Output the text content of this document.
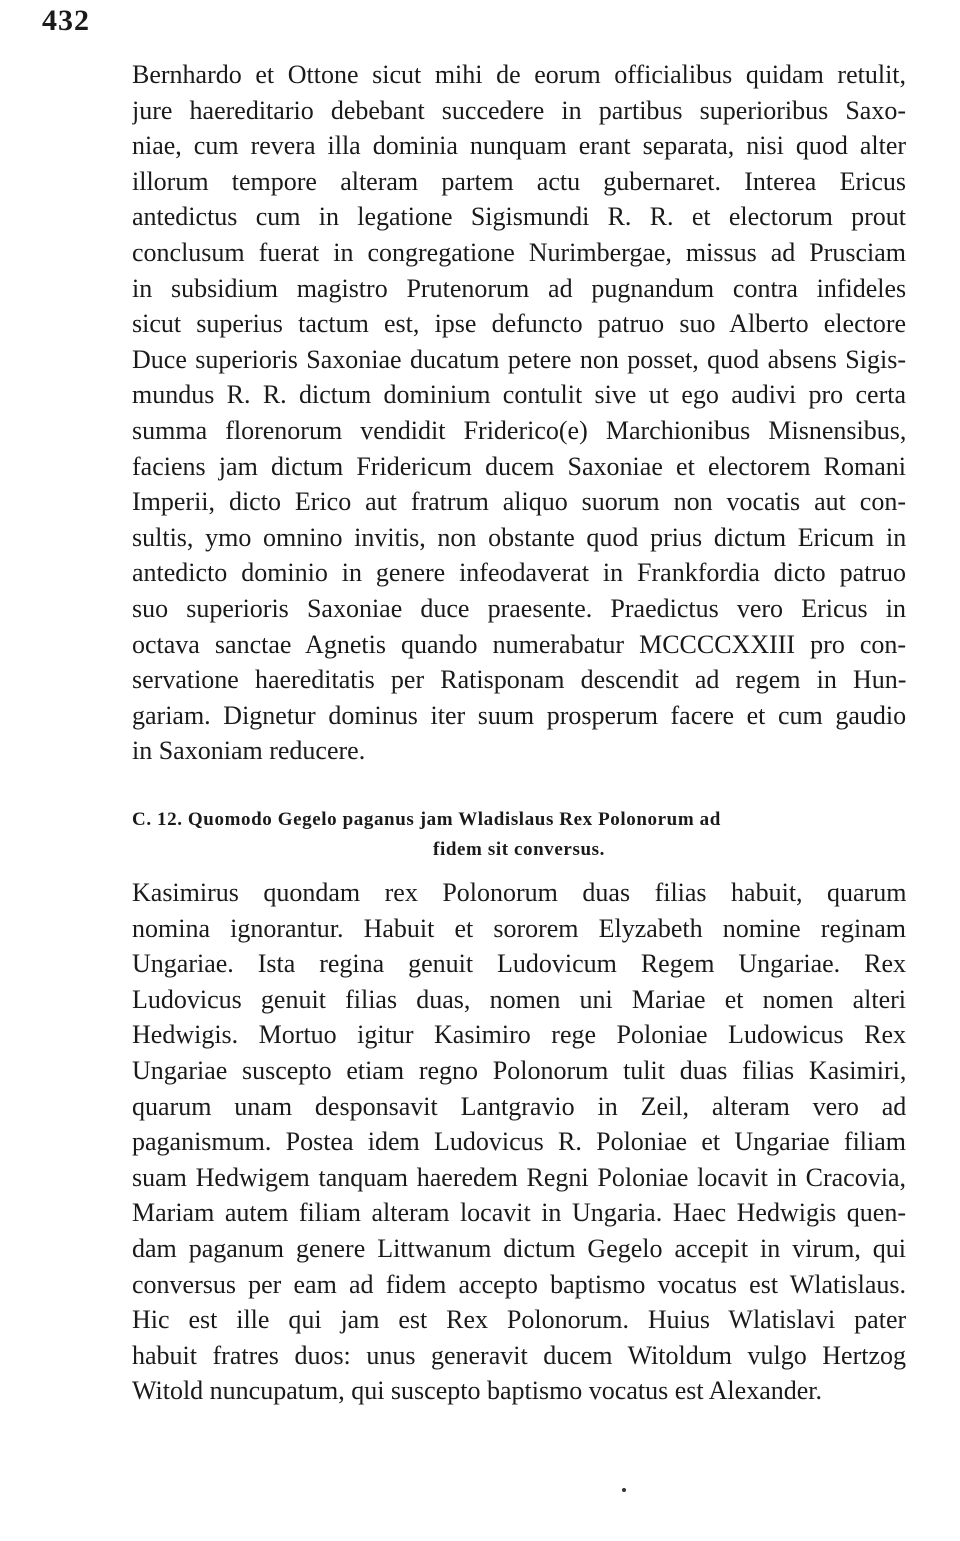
432
Bernhardo et Ottone sicut mihi de eorum officialibus quidam retulit,
jure haereditario debebant succedere in partibus superioribus Saxo-
niae, cum revera illa dominia nunquam erant separata, nisi quod alter
illorum tempore alteram partem actu gubernaret. Interea Ericus
antedictus cum in legatione Sigismundi R. R. et electorum prout
conclusum fuerat in congregatione Nurimbergae, missus ad Prusciam
in subsidium magistro Prutenorum ad pugnandum contra infideles
sicut superius tactum est, ipse defuncto patruo suo Alberto electore
Duce superioris Saxoniae ducatum petere non posset, quod absens Sigis-
mundus R. R. dictum dominium contulit sive ut ego audivi pro certa
summa florenorum vendidit Friderico(e) Marchionibus Misnensibus,
faciens jam dictum Fridericum ducem Saxoniae et electorem Romani
Imperii, dicto Erico aut fratrum aliquo suorum non vocatis aut con-
sultis, ymo omnino invitis, non obstante quod prius dictum Ericum in
antedicto dominio in genere infeodaverat in Frankfordia dicto patruo
suo superioris Saxoniae duce praesente. Praedictus vero Ericus in
octava sanctae Agnetis quando numerabatur MCCCCXXIII pro con-
servatione haereditatis per Ratisponam descendit ad regem in Hun-
gariam. Dignetur dominus iter suum prosperum facere et cum gaudio
in Saxoniam reducere.
C. 12. Quomodo Gegelo paganus jam Wladislaus Rex Polonorum ad
fidem sit conversus.
Kasimirus quondam rex Polonorum duas filias habuit, quarum
nomina ignorantur. Habuit et sororem Elyzabeth nomine reginam
Ungariae. Ista regina genuit Ludovicum Regem Ungariae. Rex
Ludovicus genuit filias duas, nomen uni Mariae et nomen alteri
Hedwigis. Mortuo igitur Kasimiro rege Poloniae Ludowicus Rex
Ungariae suscepto etiam regno Polonorum tulit duas filias Kasimiri,
quarum unam desponsavit Lantgravio in Zeil, alteram vero ad
paganismum. Postea idem Ludovicus R. Poloniae et Ungariae filiam
suam Hedwigem tanquam haeredem Regni Poloniae locavit in Cracovia,
Mariam autem filiam alteram locavit in Ungaria. Haec Hedwigis quen-
dam paganum genere Littwanum dictum Gegelo accepit in virum, qui
conversus per eam ad fidem accepto baptismo vocatus est Wlatislaus.
Hic est ille qui jam est Rex Polonorum. Huius Wlatislavi pater
habuit fratres duos: unus generavit ducem Witoldum vulgo Hertzog
Witold nuncupatum, qui suscepto baptismo vocatus est Alexander.
